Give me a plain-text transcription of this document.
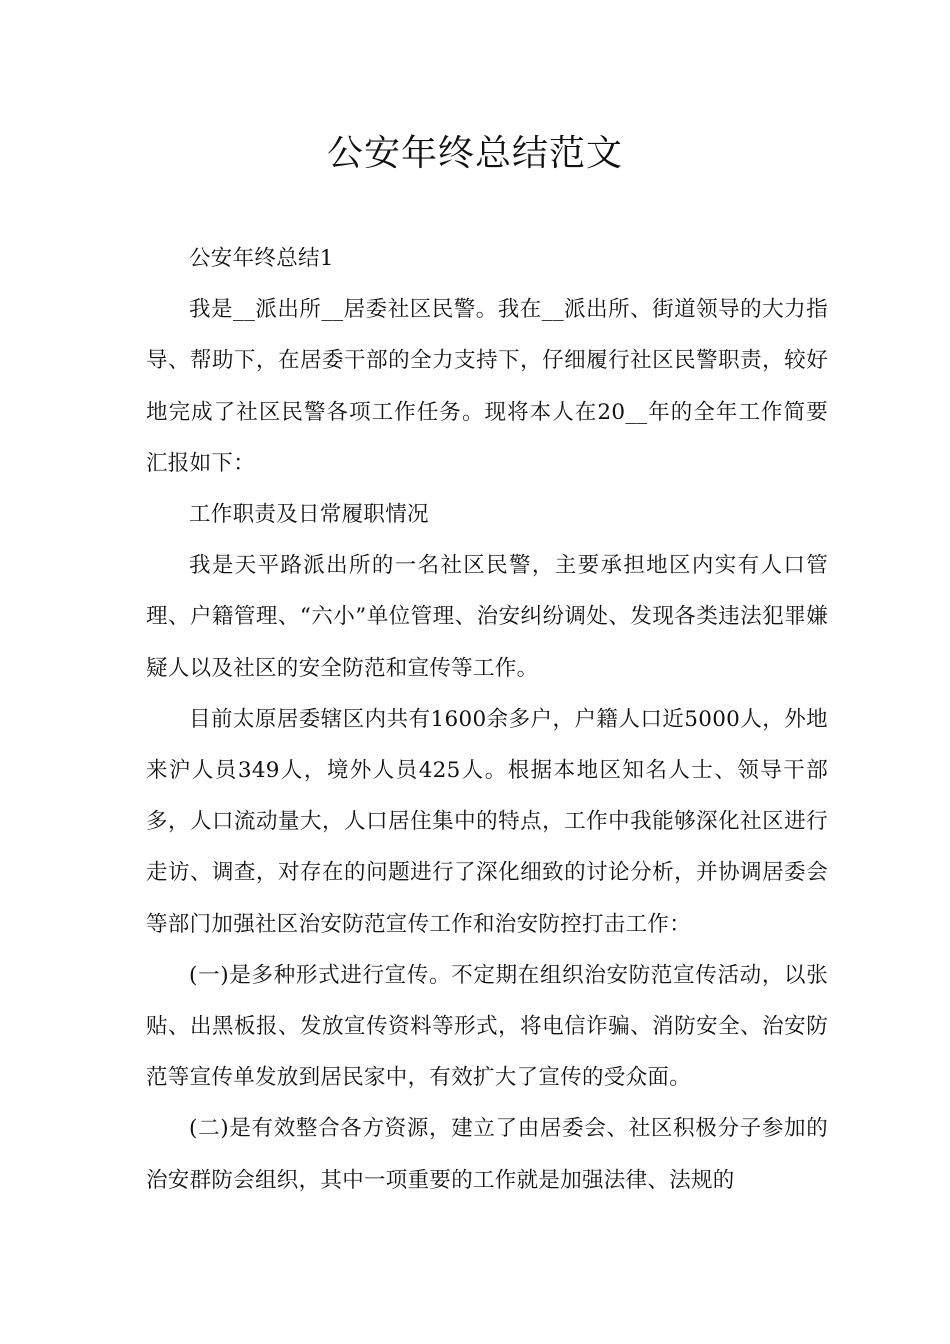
公安年终总结范文

公安年终总结1

我是__派出所__居委社区民警。我在__派出所、街道领导的大力指导、帮助下，在居委干部的全力支持下，仔细履行社区民警职责，较好地完成了社区民警各项工作任务。现将本人在20__年的全年工作简要汇报如下：

工作职责及日常履职情况

我是天平路派出所的一名社区民警，主要承担地区内实有人口管理、户籍管理、“六小”单位管理、治安纠纷调处、发现各类违法犯罪嫌疑人以及社区的安全防范和宣传等工作。

目前太原居委辖区内共有1600余多户，户籍人口近5000人，外地来沪人员349人，境外人员425人。根据本地区知名人士、领导干部多，人口流动量大，人口居住集中的特点，工作中我能够深化社区进行走访、调查，对存在的问题进行了深化细致的讨论分析，并协调居委会等部门加强社区治安防范宣传工作和治安防控打击工作：

(一)是多种形式进行宣传。不定期在组织治安防范宣传活动，以张贴、出黑板报、发放宣传资料等形式，将电信诈骗、消防安全、治安防范等宣传单发放到居民家中，有效扩大了宣传的受众面。

(二)是有效整合各方资源，建立了由居委会、社区积极分子参加的治安群防会组织，其中一项重要的工作就是加强法律、法规的
